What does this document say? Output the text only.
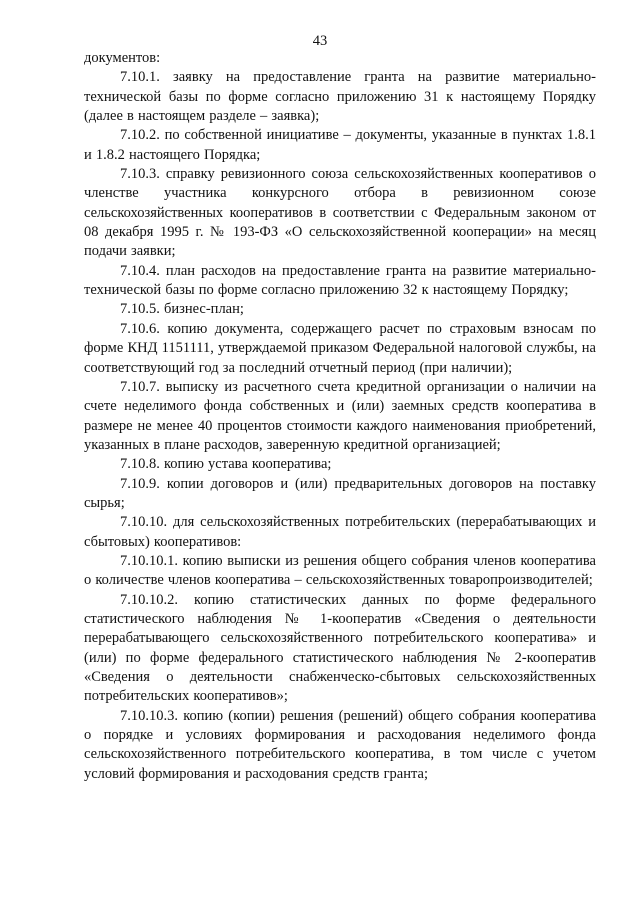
43

документов:

7.10.1. заявку на предоставление гранта на развитие материально-технической базы по форме согласно приложению 31 к настоящему Порядку (далее в настоящем разделе – заявка);

7.10.2. по собственной инициативе – документы, указанные в пунктах 1.8.1 и 1.8.2 настоящего Порядка;

7.10.3. справку ревизионного союза сельскохозяйственных кооперативов о членстве участника конкурсного отбора в ревизионном союзе сельскохозяйственных кооперативов в соответствии с Федеральным законом от 08 декабря 1995 г. № 193-ФЗ «О сельскохозяйственной кооперации» на месяц подачи заявки;

7.10.4. план расходов на предоставление гранта на развитие материально-технической базы по форме согласно приложению 32 к настоящему Порядку;

7.10.5. бизнес-план;

7.10.6. копию документа, содержащего расчет по страховым взносам по форме КНД 1151111, утверждаемой приказом Федеральной налоговой службы, на соответствующий год за последний отчетный период (при наличии);

7.10.7. выписку из расчетного счета кредитной организации о наличии на счете неделимого фонда собственных и (или) заемных средств кооператива в размере не менее 40 процентов стоимости каждого наименования приобретений, указанных в плане расходов, заверенную кредитной организацией;

7.10.8. копию устава кооператива;

7.10.9. копии договоров и (или) предварительных договоров на поставку сырья;

7.10.10. для сельскохозяйственных потребительских (перерабатывающих и сбытовых) кооперативов:

7.10.10.1. копию выписки из решения общего собрания членов кооператива о количестве членов кооператива – сельскохозяйственных товаропроизводителей;

7.10.10.2. копию статистических данных по форме федерального статистического наблюдения № 1-кооператив «Сведения о деятельности перерабатывающего сельскохозяйственного потребительского кооператива» и (или) по форме федерального статистического наблюдения № 2-кооператив «Сведения о деятельности снабженческо-сбытовых сельскохозяйственных потребительских кооперативов»;

7.10.10.3. копию (копии) решения (решений) общего собрания кооператива о порядке и условиях формирования и расходования неделимого фонда сельскохозяйственного потребительского кооператива, в том числе с учетом условий формирования и расходования средств гранта;
